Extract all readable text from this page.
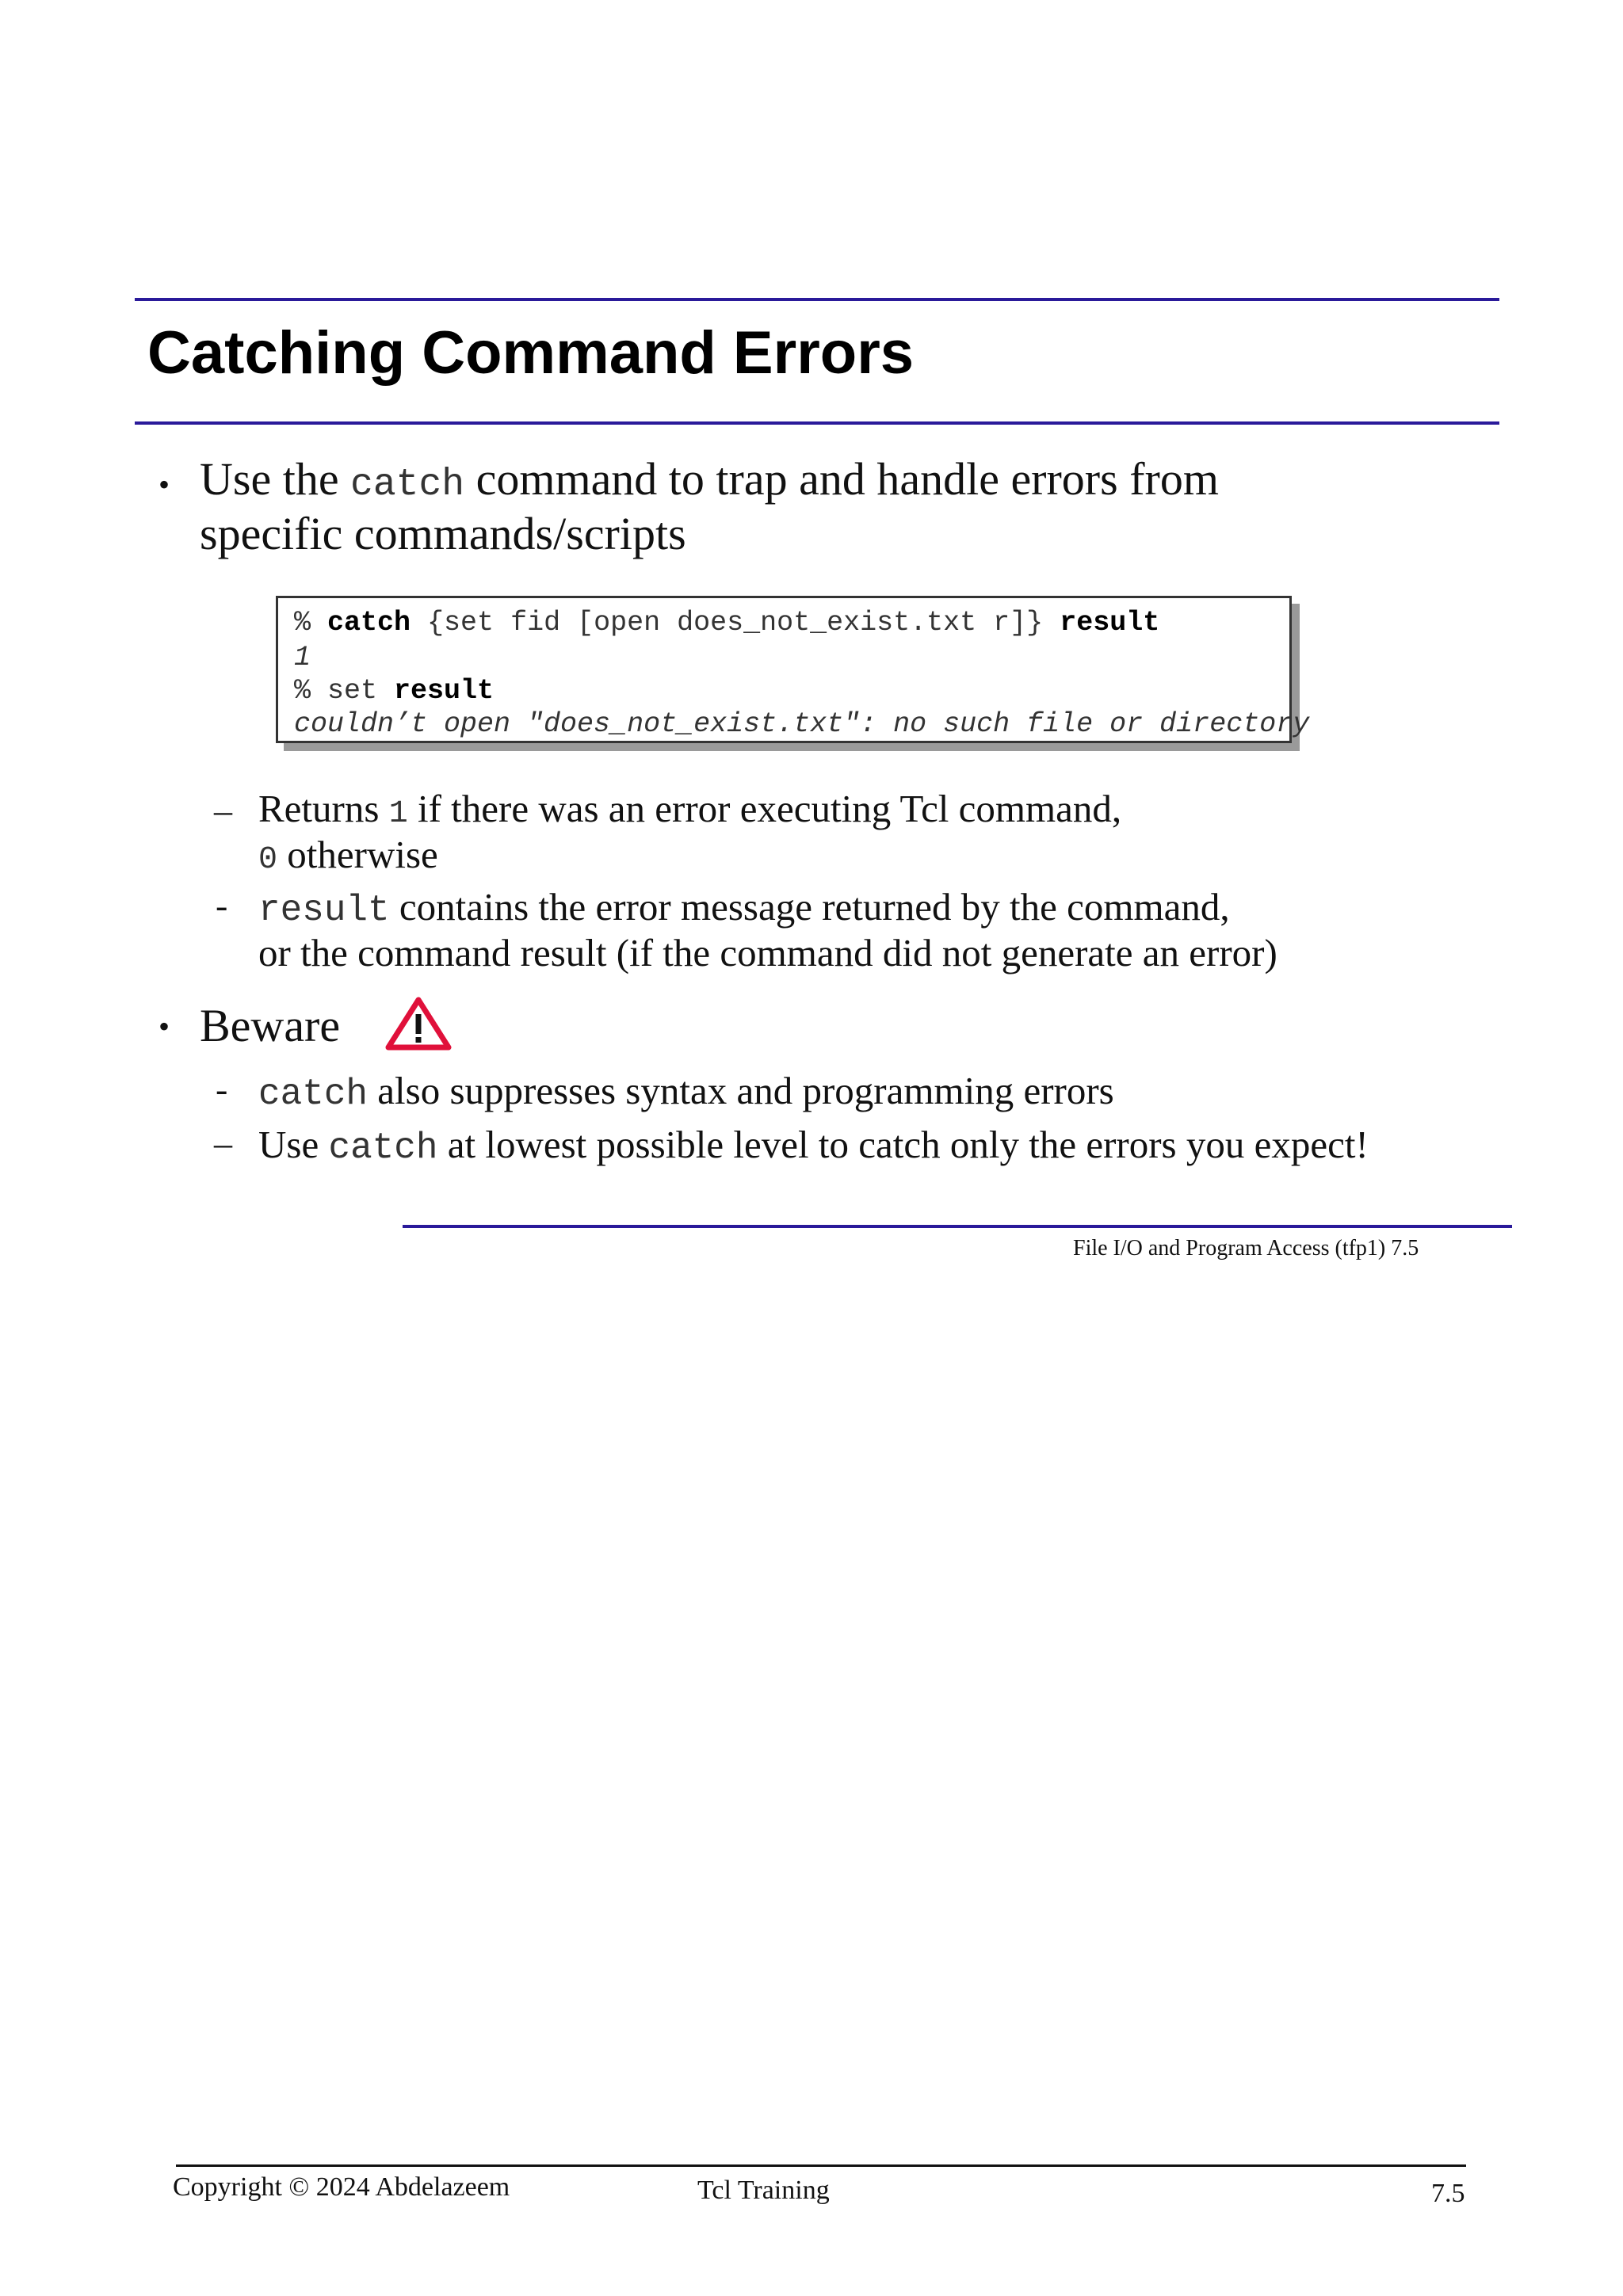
Catching Command Errors
• Use the catch command to trap and handle errors from
specific commands/scripts
% catch {set fid [open does_not_exist.txt r]} result
1
% set result
couldn’t open "does_not_exist.txt": no such file or directory
– Returns 1 if there was an error executing Tcl command,
0 otherwise
- result contains the error message returned by the command,
or the command result (if the command did not generate an error)
• Beware
- catch also suppresses syntax and programming errors
– Use catch at lowest possible level to catch only the errors you expect!
File I/O and Program Access (tfp1) 7.5
Copyright © 2024 Abdelazeem	Tcl Training	7.5
